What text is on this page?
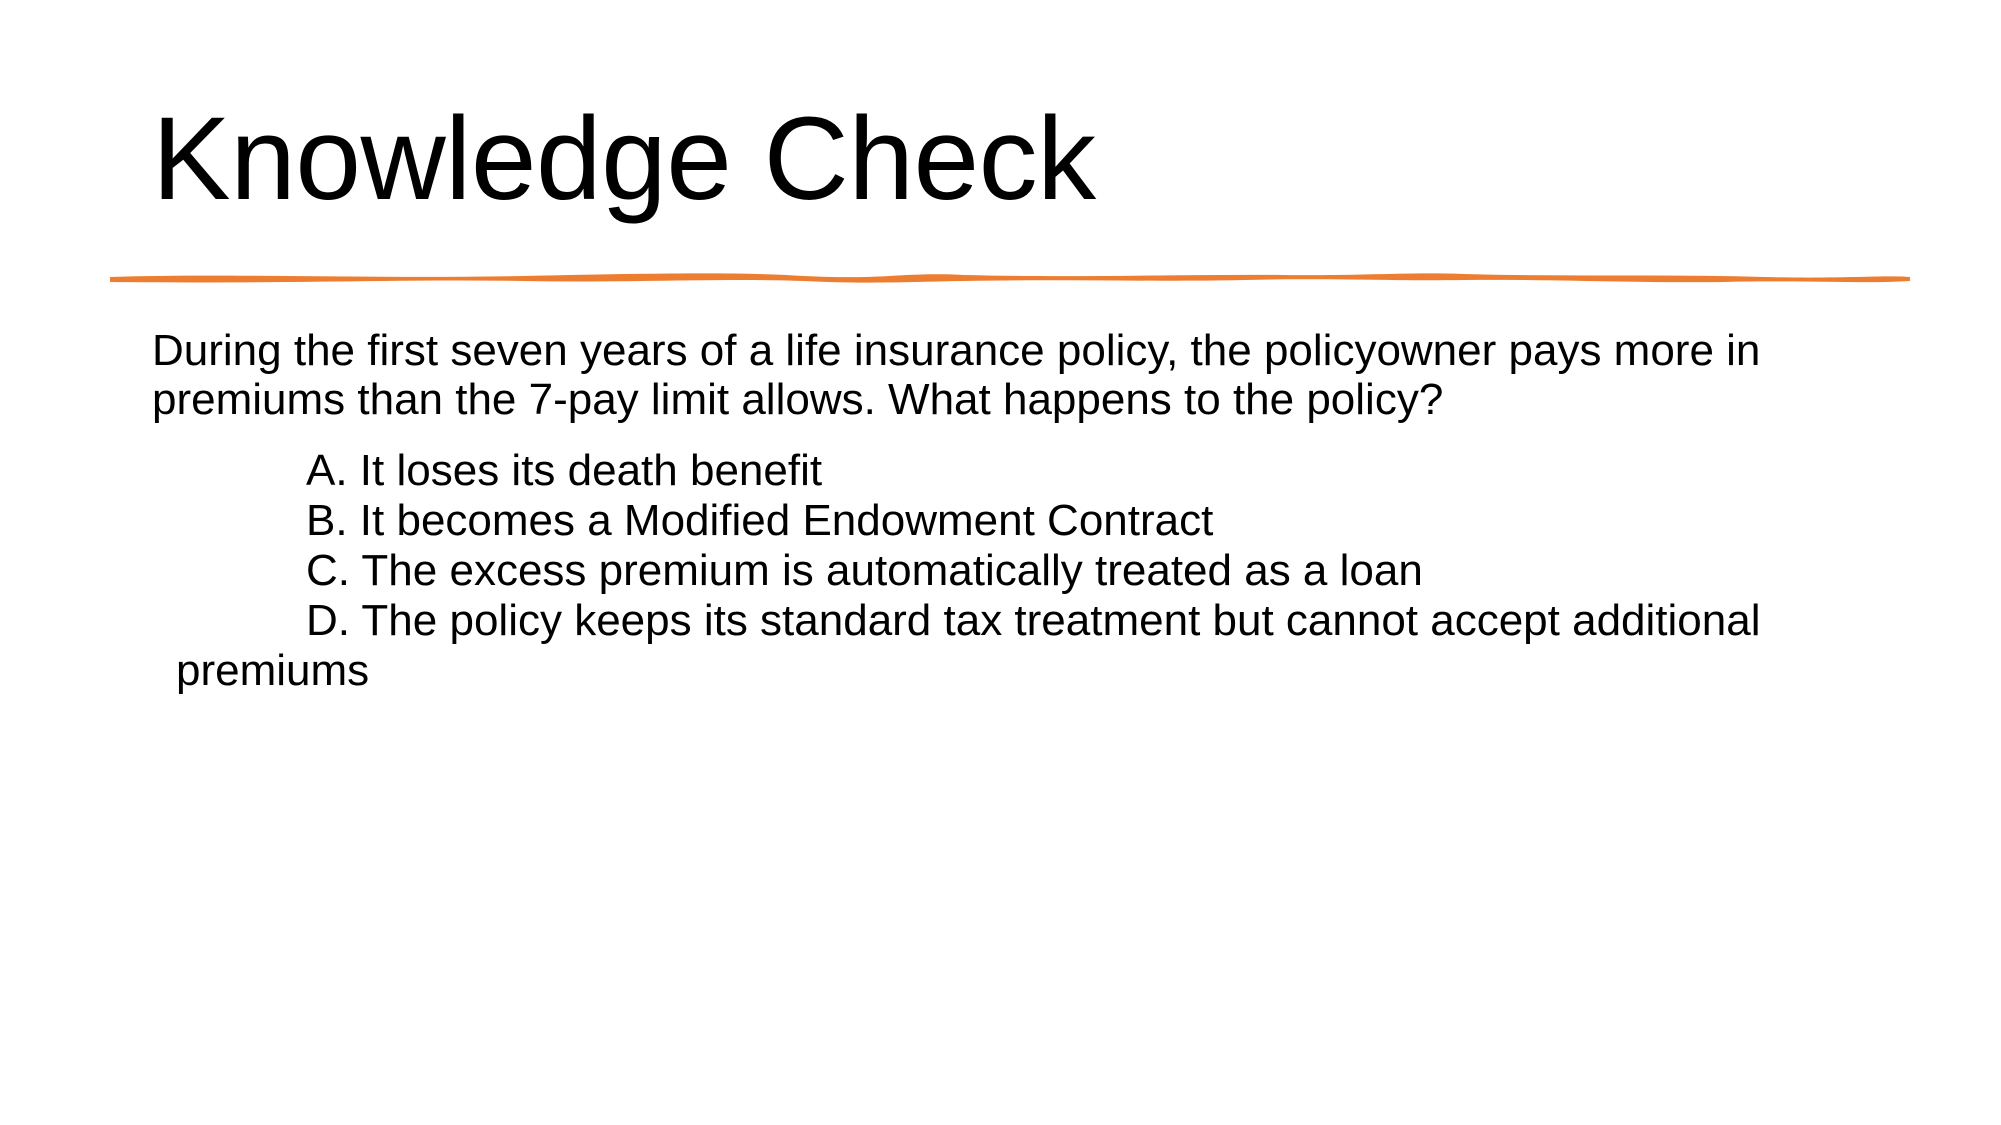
Knowledge Check

During the first seven years of a life insurance policy, the policyowner pays more in premiums than the 7-pay limit allows. What happens to the policy?

A. It loses its death benefit
B. It becomes a Modified Endowment Contract
C. The excess premium is automatically treated as a loan
D. The policy keeps its standard tax treatment but cannot accept additional premiums
